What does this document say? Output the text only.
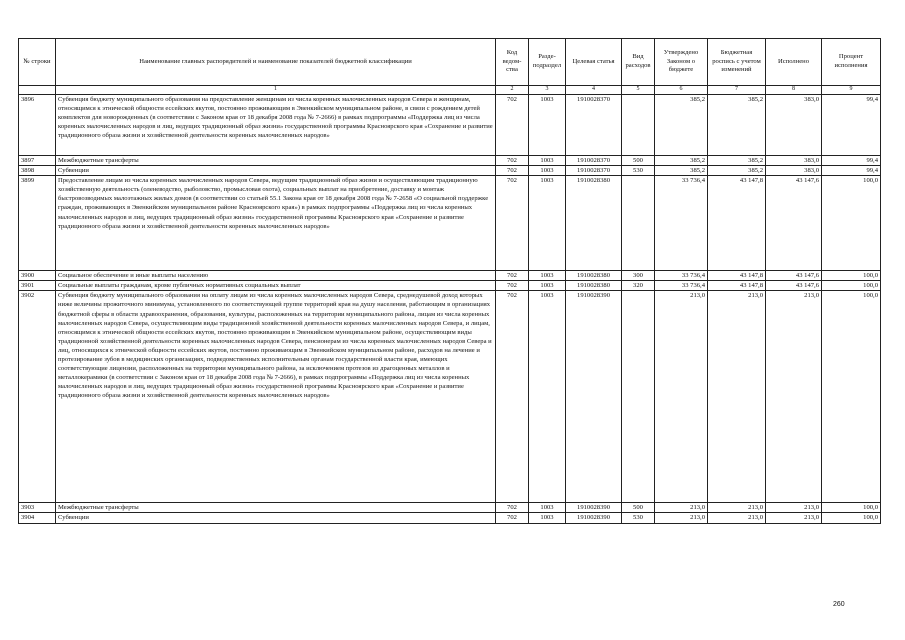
№ строки	Наименование главных распорядителей и наименование показателей бюджетной классификации	Код ведом-ства	Разде-подраздел	Целевая статья	Вид расходов	Утверждено Законом о бюджете	Бюджетная роспись с учетом изменений	Исполнено	Процент исполнения
	1	2	3	4	5	6	7	8	9
3896	Субвенция бюджету муниципального образования на предоставление женщинам из числа коренных малочисленных народов Севера и женщинам, относящимся к этнической общности ессейских якутов, постоянно проживающим в Эвенкийском муниципальном районе, в связи с рождением детей комплектов для новорожденных (в соответствии с Законом края от 18 декабря 2008 года № 7-2666) в рамках подпрограммы «Поддержка лиц из числа коренных малочисленных народов и лиц, ведущих традиционный образ жизни» государственной программы Красноярского края «Сохранение и развитие традиционного образа жизни и хозяйственной деятельности коренных малочисленных народов»	702	1003	1910028370		385,2	385,2	383,0	99,4
3897	Межбюджетные трансферты	702	1003	1910028370	500	385,2	385,2	383,0	99,4
3898	Субвенции	702	1003	1910028370	530	385,2	385,2	383,0	99,4
3899	Предоставление лицам из числа коренных малочисленных народов Севера, ведущим традиционный образ жизни и осуществляющим традиционную хозяйственную деятельность (оленеводство, рыболовство, промысловая охота), социальных выплат на приобретение, доставку и монтаж быстровозводимых малоэтажных жилых домов (в соответствии со статьей 55.1 Закона края от 18 декабря 2008 года № 7-2658 «О социальной поддержке граждан, проживающих в Эвенкийском муниципальном районе Красноярского края») в рамках подпрограммы «Поддержка лиц из числа коренных малочисленных народов и лиц, ведущих традиционный образ жизни» государственной программы Красноярского края «Сохранение и развитие традиционного образа жизни и хозяйственной деятельности коренных малочисленных народов»	702	1003	1910028380		33 736,4	43 147,8	43 147,6	100,0
3900	Социальное обеспечение и иные выплаты населению	702	1003	1910028380	300	33 736,4	43 147,8	43 147,6	100,0
3901	Социальные выплаты гражданам, кроме публичных нормативных социальных выплат	702	1003	1910028380	320	33 736,4	43 147,8	43 147,6	100,0
3902	Субвенция бюджету муниципального образования на оплату лицам из числа коренных малочисленных народов Севера, среднедушевой доход которых ниже величины прожиточного минимума, установленного по соответствующей группе территорий края на душу населения, работающим в организациях бюджетной сферы в области здравоохранения, образования, культуры, расположенных на территории муниципального района, лицам из числа коренных малочисленных народов Севера, осуществляющим виды традиционной хозяйственной деятельности коренных малочисленных народов Севера, и лицам, относящимся к этнической общности ессейских якутов, постоянно проживающим в Эвенкийском муниципальном районе, осуществляющим виды традиционной хозяйственной деятельности коренных малочисленных народов Севера, пенсионерам из числа коренных малочисленных народов Севера и лиц, относящихся к этнической общности ессейских якутов, постоянно проживающим в Эвенкийском муниципальном районе, расходов на лечение и протезирование зубов в медицинских организациях, подведомственных исполнительным органам государственной власти края, имеющих соответствующие лицензии, расположенных на территории муниципального района, за исключением протезов из драгоценных металлов и металлокерамики (в соответствии с Законом края от 18 декабря 2008 года № 7-2666), в рамках подпрограммы «Поддержка лиц из числа коренных малочисленных народов и лиц, ведущих традиционный образ жизни» государственной программы Красноярского края «Сохранение и развитие традиционного образа жизни и хозяйственной деятельности коренных малочисленных народов»	702	1003	1910028390		213,0	213,0	213,0	100,0
3903	Межбюджетные трансферты	702	1003	1910028390	500	213,0	213,0	213,0	100,0
3904	Субвенции	702	1003	1910028390	530	213,0	213,0	213,0	100,0
260
